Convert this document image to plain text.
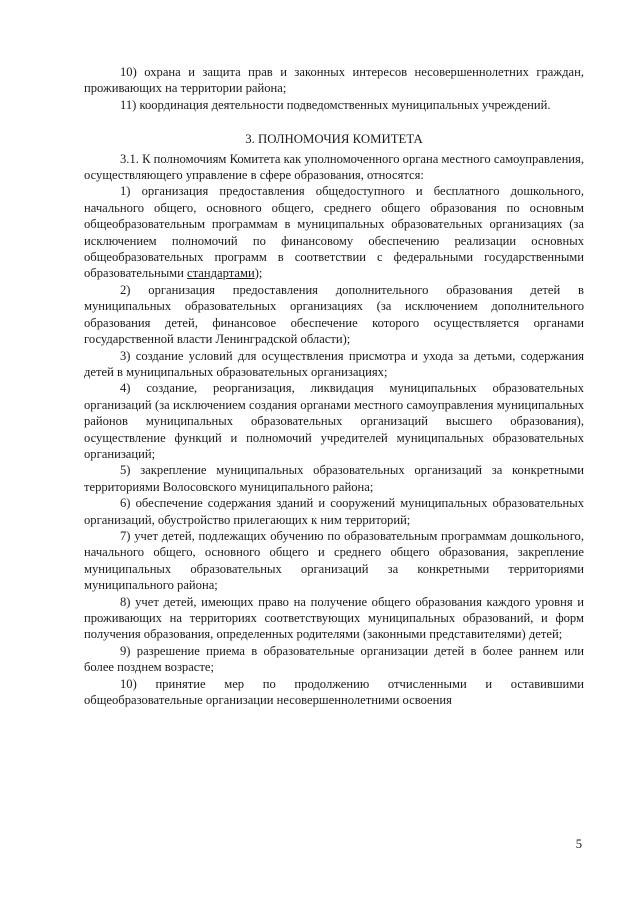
10) охрана и защита прав и законных интересов несовершеннолетних граждан, проживающих на территории района;

11) координация деятельности подведомственных муниципальных учреждений.

3. ПОЛНОМОЧИЯ КОМИТЕТА

3.1. К полномочиям Комитета как уполномоченного органа местного самоуправления, осуществляющего управление в сфере образования, относятся:

1) организация предоставления общедоступного и бесплатного дошкольного, начального общего, основного общего, среднего общего образования по основным общеобразовательным программам в муниципальных образовательных организациях (за исключением полномочий по финансовому обеспечению реализации основных общеобразовательных программ в соответствии с федеральными государственными образовательными стандартами);

2) организация предоставления дополнительного образования детей в муниципальных образовательных организациях (за исключением дополнительного образования детей, финансовое обеспечение которого осуществляется органами государственной власти Ленинградской области);

3) создание условий для осуществления присмотра и ухода за детьми, содержания детей в муниципальных образовательных организациях;

4) создание, реорганизация, ликвидация муниципальных образовательных организаций (за исключением создания органами местного самоуправления муниципальных районов муниципальных образовательных организаций высшего образования), осуществление функций и полномочий учредителей муниципальных образовательных организаций;

5) закрепление муниципальных образовательных организаций за конкретными территориями Волосовского муниципального района;

6) обеспечение содержания зданий и сооружений муниципальных образовательных организаций, обустройство прилегающих к ним территорий;

7) учет детей, подлежащих обучению по образовательным программам дошкольного, начального общего, основного общего и среднего общего образования, закрепление муниципальных образовательных организаций за конкретными территориями муниципального района;

8) учет детей, имеющих право на получение общего образования каждого уровня и проживающих на территориях соответствующих муниципальных образований, и форм получения образования, определенных родителями (законными представителями) детей;

9) разрешение приема в образовательные организации детей в более раннем или более позднем возрасте;

10) принятие мер по продолжению отчисленными и оставившими общеобразовательные организации несовершеннолетними освоения

5
